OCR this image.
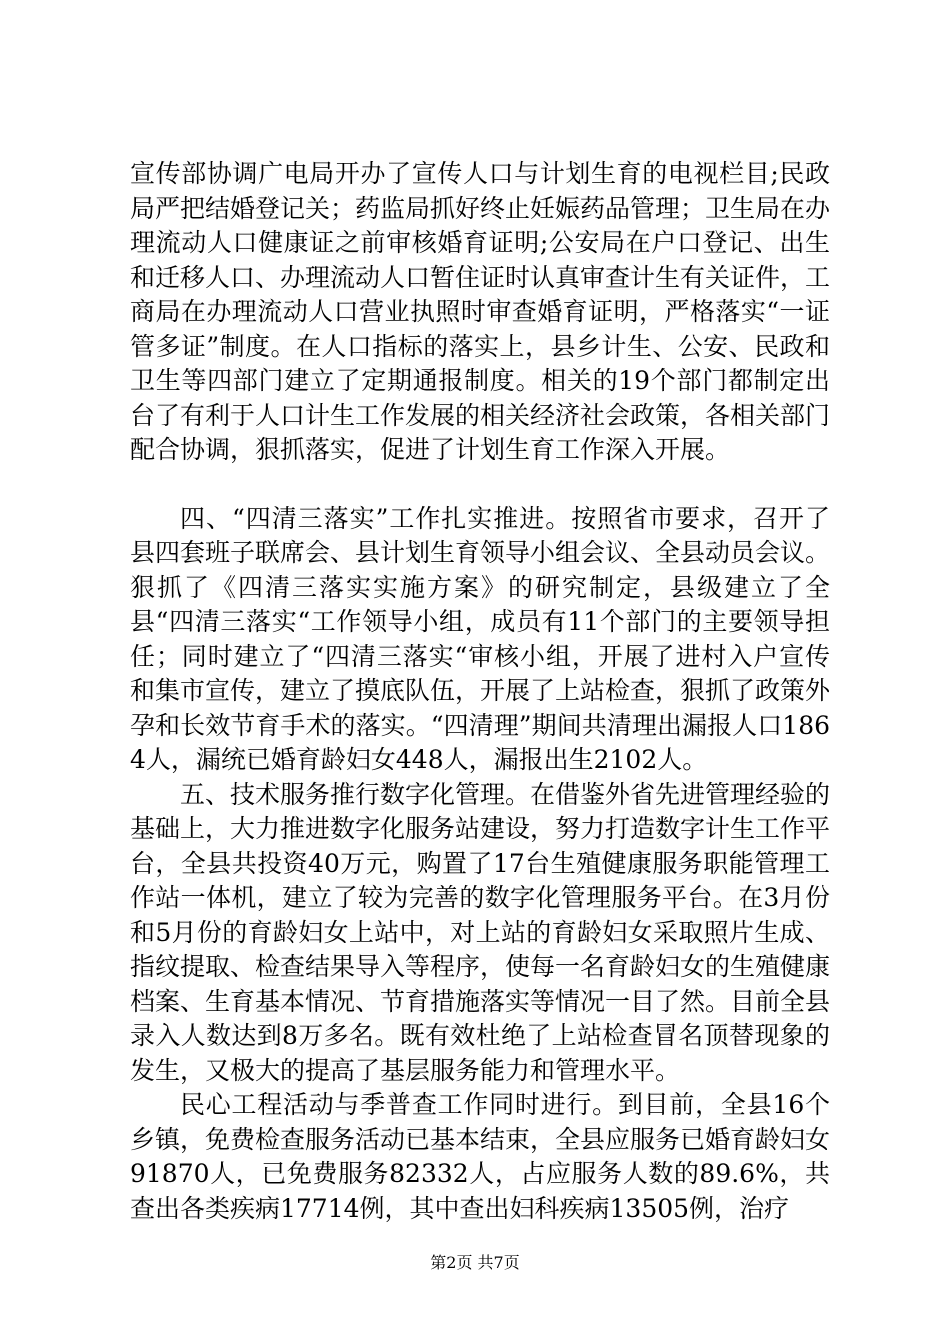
宣传部协调广电局开办了宣传人口与计划生育的电视栏目;民政局严把结婚登记关；药监局抓好终止妊娠药品管理；卫生局在办理流动人口健康证之前审核婚育证明;公安局在户口登记、出生和迁移人口、办理流动人口暂住证时认真审查计生有关证件，工商局在办理流动人口营业执照时审查婚育证明，严格落实“一证管多证”制度。在人口指标的落实上，县乡计生、公安、民政和卫生等四部门建立了定期通报制度。相关的19个部门都制定出台了有利于人口计生工作发展的相关经济社会政策，各相关部门配合协调，狠抓落实，促进了计划生育工作深入开展。

四、“四清三落实”工作扎实推进。按照省市要求，召开了县四套班子联席会、县计划生育领导小组会议、全县动员会议。狠抓了《四清三落实实施方案》的研究制定，县级建立了全县“四清三落实“工作领导小组，成员有11个部门的主要领导担任；同时建立了“四清三落实“审核小组，开展了进村入户宣传和集市宣传，建立了摸底队伍，开展了上站检查，狠抓了政策外孕和长效节育手术的落实。“四清理”期间共清理出漏报人口1864人，漏统已婚育龄妇女448人，漏报出生2102人。

五、技术服务推行数字化管理。在借鉴外省先进管理经验的基础上，大力推进数字化服务站建设，努力打造数字计生工作平台，全县共投资40万元，购置了17台生殖健康服务职能管理工作站一体机，建立了较为完善的数字化管理服务平台。在3月份和5月份的育龄妇女上站中，对上站的育龄妇女采取照片生成、指纹提取、检查结果导入等程序，使每一名育龄妇女的生殖健康档案、生育基本情况、节育措施落实等情况一目了然。目前全县录入人数达到8万多名。既有效杜绝了上站检查冒名顶替现象的发生，又极大的提高了基层服务能力和管理水平。

民心工程活动与季普查工作同时进行。到目前，全县16个乡镇，免费检查服务活动已基本结束，全县应服务已婚育龄妇女91870人，已免费服务82332人，占应服务人数的89.6%，共查出各类疾病17714例，其中查出妇科疾病13505例，治疗

第2页 共7页
